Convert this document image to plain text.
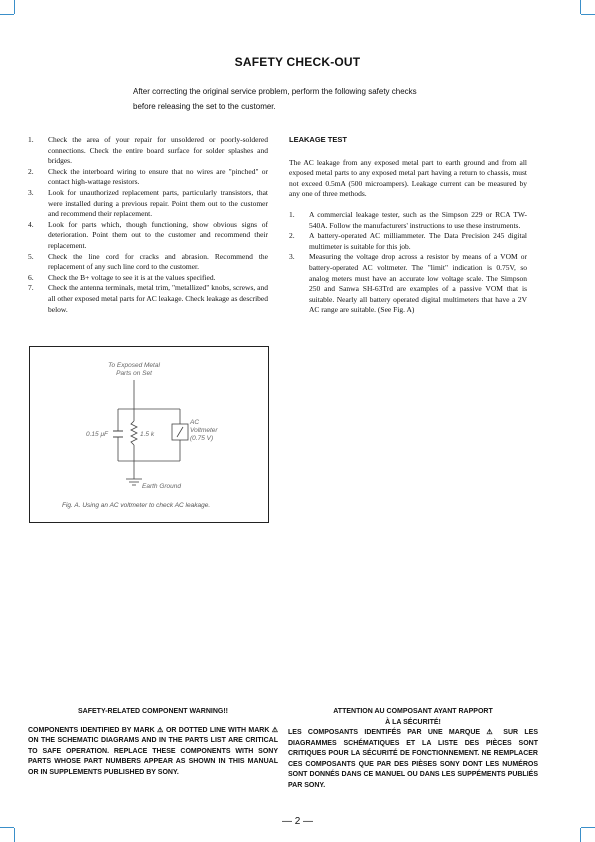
SAFETY CHECK-OUT
After correcting the original service problem, perform the following safety checks before releasing the set to the customer.
1.	Check the area of your repair for unsoldered or poorly-soldered connections. Check the entire board surface for solder splashes and bridges.
2.	Check the interboard wiring to ensure that no wires are "pinched" or contact high-wattage resistors.
3.	Look for unauthorized replacement parts, particularly transistors, that were installed during a previous repair. Point them out to the customer and recommend their replacement.
4.	Look for parts which, though functioning, show obvious signs of deterioration. Point them out to the customer and recommend their replacement.
5.	Check the line cord for cracks and abrasion. Recommend the replacement of any such line cord to the customer.
6.	Check the B+ voltage to see it is at the values specified.
7.	Check the antenna terminals, metal trim, "metallized" knobs, screws, and all other exposed metal parts for AC leakage. Check leakage as described below.
LEAKAGE TEST
The AC leakage from any exposed metal part to earth ground and from all exposed metal parts to any exposed metal part having a return to chassis, must not exceed 0.5mA (500 microampers). Leakage current can be measured by any one of three methods.
1.	A commercial leakage tester, such as the Simpson 229 or RCA TW-540A. Follow the manufacturers' instructions to use these instruments.
2.	A battery-operated AC milliammeter. The Data Precision 245 digital multimeter is suitable for this job.
3.	Measuring the voltage drop across a resistor by means of a VOM or battery-operated AC voltmeter. The "limit" indication is 0.75V, so analog meters must have an accurate low voltage scale. The Simpson 250 and Sanwa SH-63Trd are examples of a passive VOM that is suitable. Nearly all battery operated digital multimeters that have a 2V AC range are suitable. (See Fig. A)
To Exposed Metal
Parts on Set
0.15 μF	1.5 k
AC
Voltmeter
(0.75 V)
Earth Ground
Fig. A. Using an AC voltmeter to check AC leakage.
SAFETY-RELATED COMPONENT WARNING!!
COMPONENTS IDENTIFIED BY MARK ⚠ OR DOTTED LINE WITH MARK ⚠ ON THE SCHEMATIC DIAGRAMS AND IN THE PARTS LIST ARE CRITICAL TO SAFE OPERATION. REPLACE THESE COMPONENTS WITH SONY PARTS WHOSE PART NUMBERS APPEAR AS SHOWN IN THIS MANUAL OR IN SUPPLEMENTS PUBLISHED BY SONY.
ATTENTION AU COMPOSANT AYANT RAPPORT
À LA SÉCURITÉ!
LES COMPOSANTS IDENTIFÉS PAR UNE MARQUE ⚠ SUR LES DIAGRAMMES SCHÉMATIQUES ET LA LISTE DES PIÈCES SONT CRITIQUES POUR LA SÉCURITÉ DE FONCTIONNEMENT. NE REMPLACER CES COMPOSANTS QUE PAR DES PIÈSES SONY DONT LES NUMÉROS SONT DONNÉS DANS CE MANUEL OU DANS LES SUPPÉMENTS PUBLIÉS PAR SONY.
— 2 —
